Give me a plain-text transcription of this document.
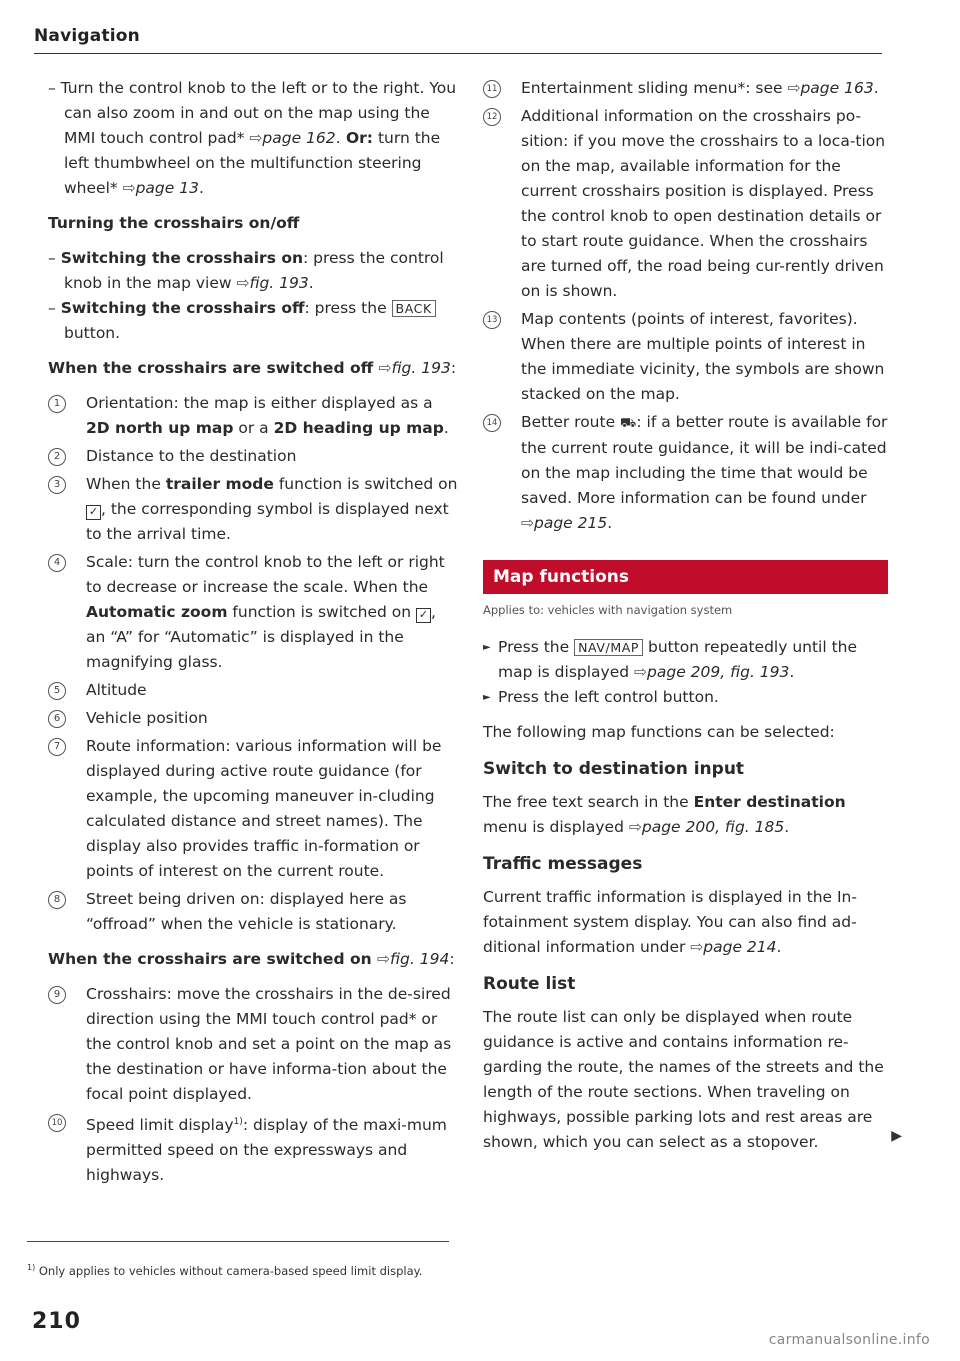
Navigation

– Turn the control knob to the left or to the right. You can also zoom in and out on the map using the MMI touch control pad* ⇨page 162. Or: turn the left thumbwheel on the multifunction steering wheel* ⇨page 13.

Turning the crosshairs on/off

– Switching the crosshairs on: press the control knob in the map view ⇨fig. 193.

– Switching the crosshairs off: press the BACK button.

When the crosshairs are switched off ⇨fig. 193:

1	Orientation: the map is either displayed as a 2D north up map or a 2D heading up map.
2	Distance to the destination
3	When the trailer mode function is switched on ✓ , the corresponding symbol is displayed next to the arrival time.
4	Scale: turn the control knob to the left or right to decrease or increase the scale. When the Automatic zoom function is switched on ✓ , an “A” for “Automatic” is displayed in the magnifying glass.
5	Altitude
6	Vehicle position
7	Route information: various information will be displayed during active route guidance (for example, the upcoming maneuver in-cluding calculated distance and street names). The display also provides traffic in-formation or points of interest on the current route.
8	Street being driven on: displayed here as “offroad” when the vehicle is stationary.

When the crosshairs are switched on ⇨fig. 194:

9	Crosshairs: move the crosshairs in the de-sired direction using the MMI touch control pad* or the control knob and set a point on the map as the destination or have informa-tion about the focal point displayed.
10 Speed limit display$^{1)}$: display of the maxi-mum permitted speed on the expressways and highways.
11 Entertainment sliding menu*: see ⇨page 163.
12 Additional information on the crosshairs po-sition: if you move the crosshairs to a loca-tion on the map, available information for the current crosshairs position is displayed. Press the control knob to open destination details or to start route guidance. When the crosshairs are turned off, the road being cur-rently driven on is shown.
13 Map contents (points of interest, favorites). When there are multiple points of interest in the immediate vicinity, the symbols are shown stacked on the map.
14 Better route ⛟: if a better route is available for the current route guidance, it will be indi-cated on the map including the time that would be saved. More information can be found under ⇨page 215.
Map functions
Applies to: vehicles with navigation system
► Press the NAV/MAP button repeatedly until the map is displayed ⇨page 209, fig. 193.
► Press the left control button.

The following map functions can be selected:

Switch to destination input

The free text search in the Enter destination menu is displayed ⇨page 200, fig. 185.

Traffic messages

Current traffic information is displayed in the In-fotainment system display. You can also find ad-ditional information under ⇨page 214.

Route list

The route list can only be displayed when route guidance is active and contains information re-garding the route, the names of the streets and the length of the route sections. When traveling on highways, possible parking lots and rest areas are shown, which you can select as a stopover.	▶

$^{1)}$ Only applies to vehicles without camera-based speed limit display.
210
carmanualsonline.info
